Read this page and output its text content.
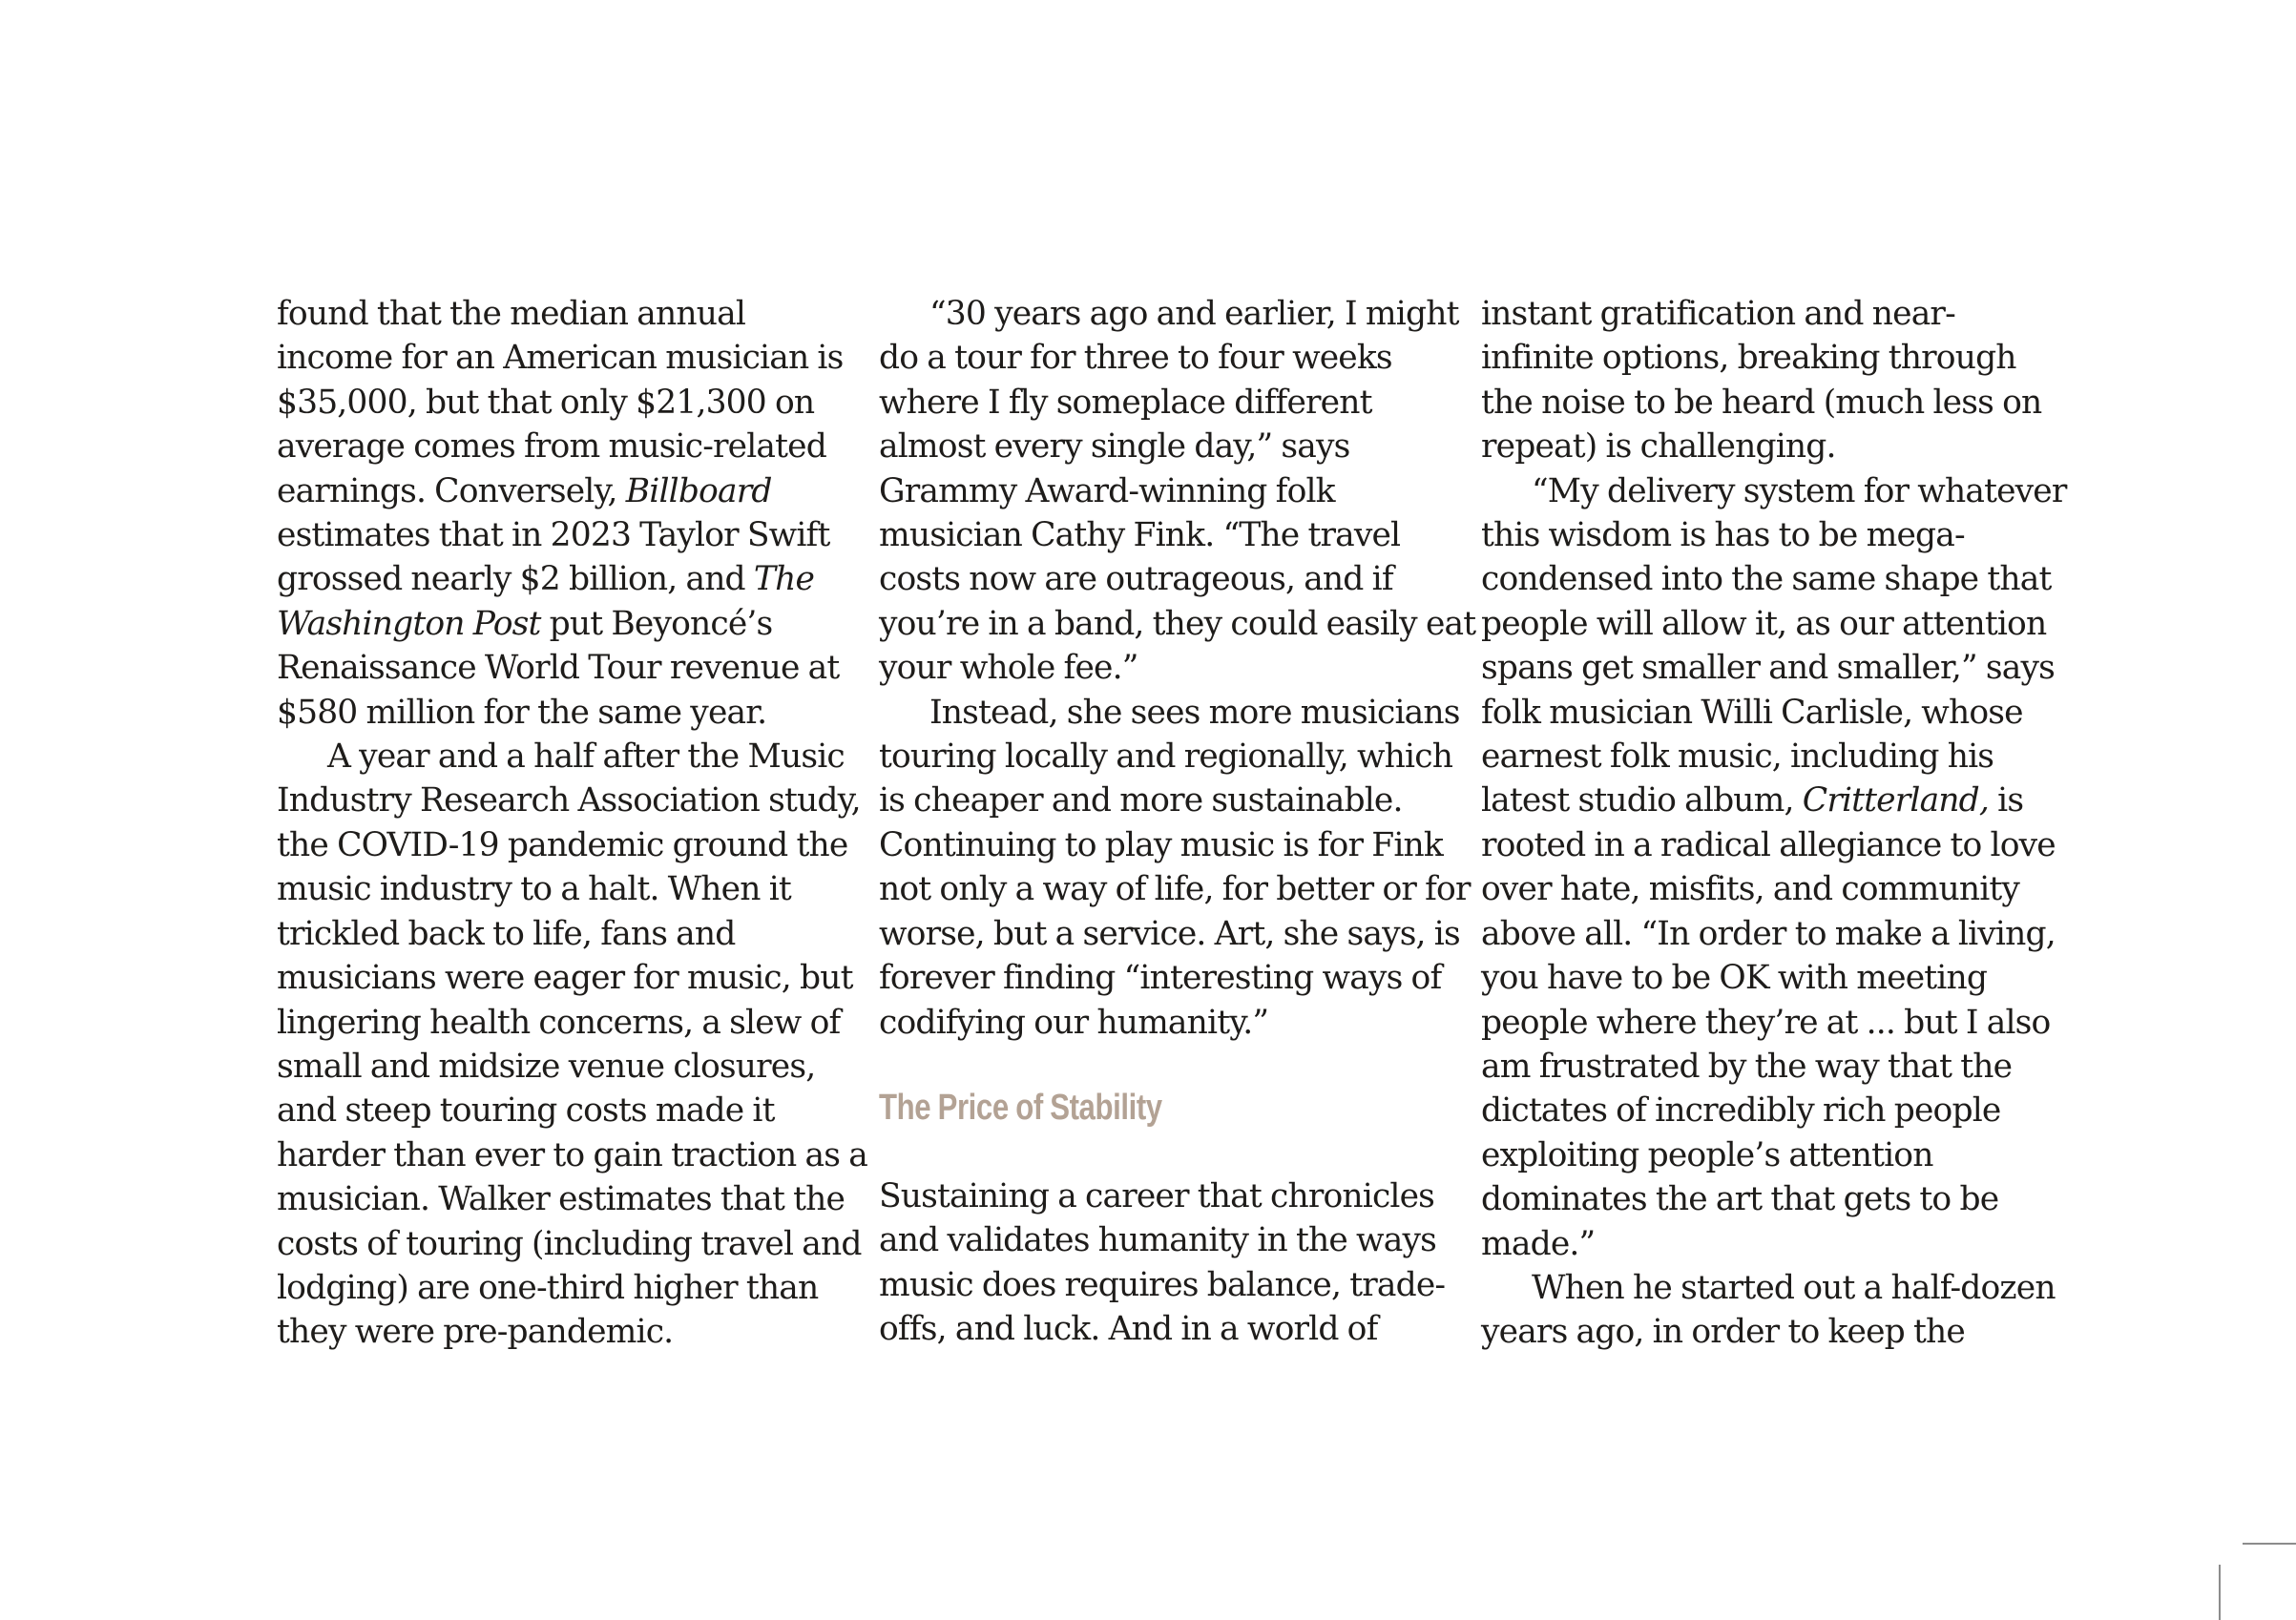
found that the median annual
income for an American musician is
$35,000, but that only $21,300 on
average comes from music-related
earnings. Conversely, Billboard
estimates that in 2023 Taylor Swift
grossed nearly $2 billion, and The
Washington Post put Beyoncé’s
Renaissance World Tour revenue at
$580 million for the same year.
A year and a half after the Music
Industry Research Association study,
the COVID-19 pandemic ground the
music industry to a halt. When it
trickled back to life, fans and
musicians were eager for music, but
lingering health concerns, a slew of
small and midsize venue closures,
and steep touring costs made it
harder than ever to gain traction as a
musician. Walker estimates that the
costs of touring (including travel and
lodging) are one-third higher than
they were pre-pandemic.
“30 years ago and earlier, I might
do a tour for three to four weeks
where I fly someplace different
almost every single day,” says
Grammy Award-winning folk
musician Cathy Fink. “The travel
costs now are outrageous, and if
you’re in a band, they could easily eat
your whole fee.”
Instead, she sees more musicians
touring locally and regionally, which
is cheaper and more sustainable.
Continuing to play music is for Fink
not only a way of life, for better or for
worse, but a service. Art, she says, is
forever finding “interesting ways of
codifying our humanity.”
The Price of Stability
Sustaining a career that chronicles
and validates humanity in the ways
music does requires balance, trade-
offs, and luck. And in a world of
instant gratification and near-
infinite options, breaking through
the noise to be heard (much less on
repeat) is challenging.
“My delivery system for whatever
this wisdom is has to be mega-
condensed into the same shape that
people will allow it, as our attention
spans get smaller and smaller,” says
folk musician Willi Carlisle, whose
earnest folk music, including his
latest studio album, Critterland, is
rooted in a radical allegiance to love
over hate, misfits, and community
above all. “In order to make a living,
you have to be OK with meeting
people where they’re at ... but I also
am frustrated by the way that the
dictates of incredibly rich people
exploiting people’s attention
dominates the art that gets to be
made.”
When he started out a half-dozen
years ago, in order to keep the
